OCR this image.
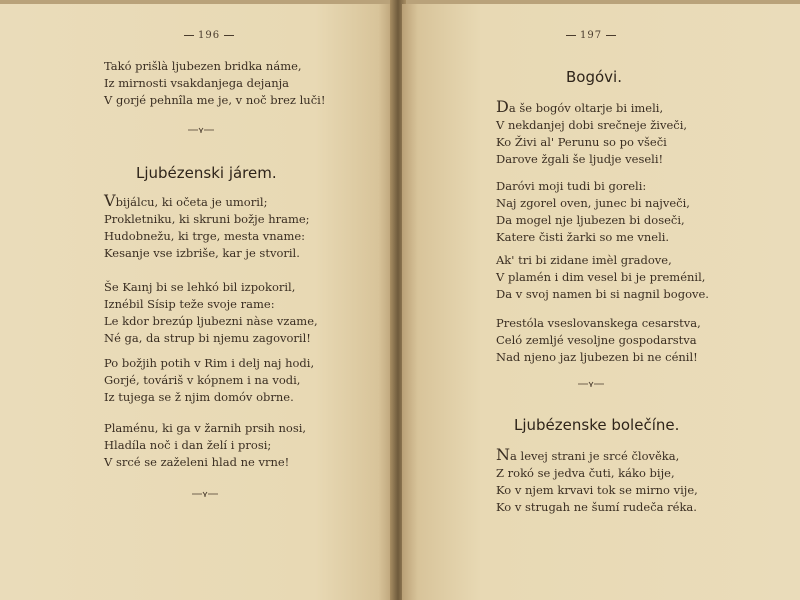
196
Takó prišlà ljubezen bridka náme,
Iz mirnosti vsakdanjega dejanja
V gorjé pehnîla me je, v noč brez luči!
Ljubézenski járem.
Vbijálcu, ki očeta je umoril;
Prokletniku, ki skruni božje hrame;
Hudobnežu, ki trge, mesta vname:
Kesanje vse izbriše, kar je stvoril.
Še Kaınj bi se lehkó bil izpokoril,
Iznébil Sísip teže svoje rame:
Le kdor brezúp ljubezni nàse vzame,
Né ga, da strup bi njemu zagovoril!
Po božjih potih v Rim i delj naj hodi,
Gorjé, továriš v kópnem i na vodi,
Iz tujega se ž njim domóv obrne.
Plaménu, ki ga v žarnih prsih nosi,
Hladíla noč i dan želí i prosi;
V srcé se zaželeni hlad ne vrne!
197
Bogóvi.
Da še bogóv oltarje bi imeli,
V nekdanjej dobi srečneje živeči,
Ko Živi al' Perunu so po všeči
Darove žgali še ljudje veseli!
Daróvi moji tudi bi goreli:
Naj zgorel oven, junec bi največi,
Da mogel nje ljubezen bi doseči,
Katere čisti žarki so me vneli.
Ak' tri bi zidane imèl gradove,
V plamén i dim vesel bi je preménil,
Da v svoj namen bi si nagnil bogove.
Prestóla vseslovanskega cesarstva,
Celó zemljé vesoljne gospodarstva
Nad njeno jaz ljubezen bi ne cénil!
Ljubézenske bolečíne.
Na levej strani je srcé člověka,
Z rokó se jedva čuti, káko bije,
Ko v njem krvavi tok se mirno vije,
Ko v strugah ne šumí rudeča réka.
